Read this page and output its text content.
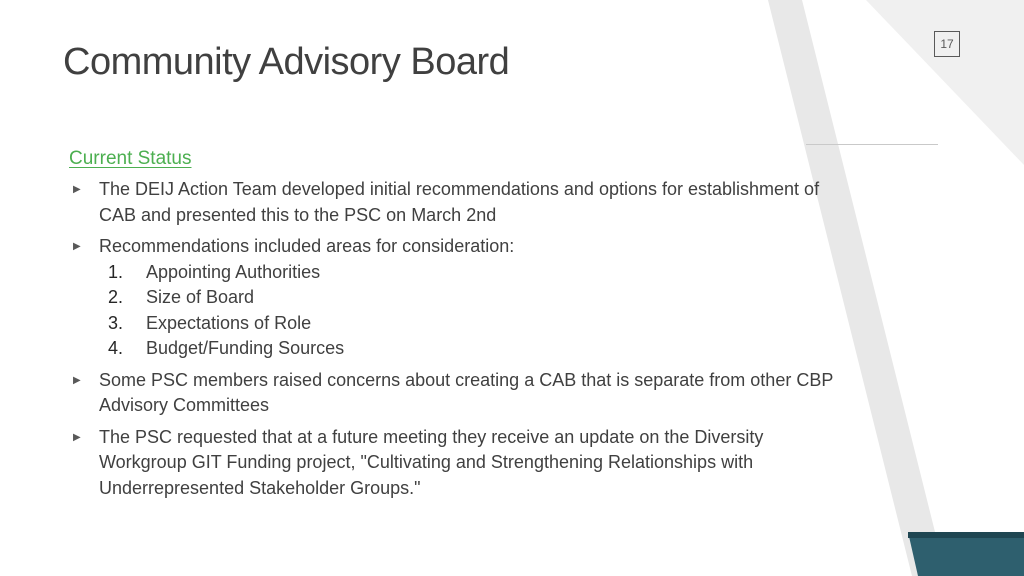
Community Advisory Board	17
Current Status
▶ The DEIJ Action Team developed initial recommendations and options for establishment of CAB and presented this to the PSC on March 2nd
▶ Recommendations included areas for consideration:
1. Appointing Authorities
2. Size of Board
3. Expectations of Role
4. Budget/Funding Sources
▶ Some PSC members raised concerns about creating a CAB that is separate from other CBP Advisory Committees
▶ The PSC requested that at a future meeting they receive an update on the Diversity Workgroup GIT Funding project, "Cultivating and Strengthening Relationships with Underrepresented Stakeholder Groups."
